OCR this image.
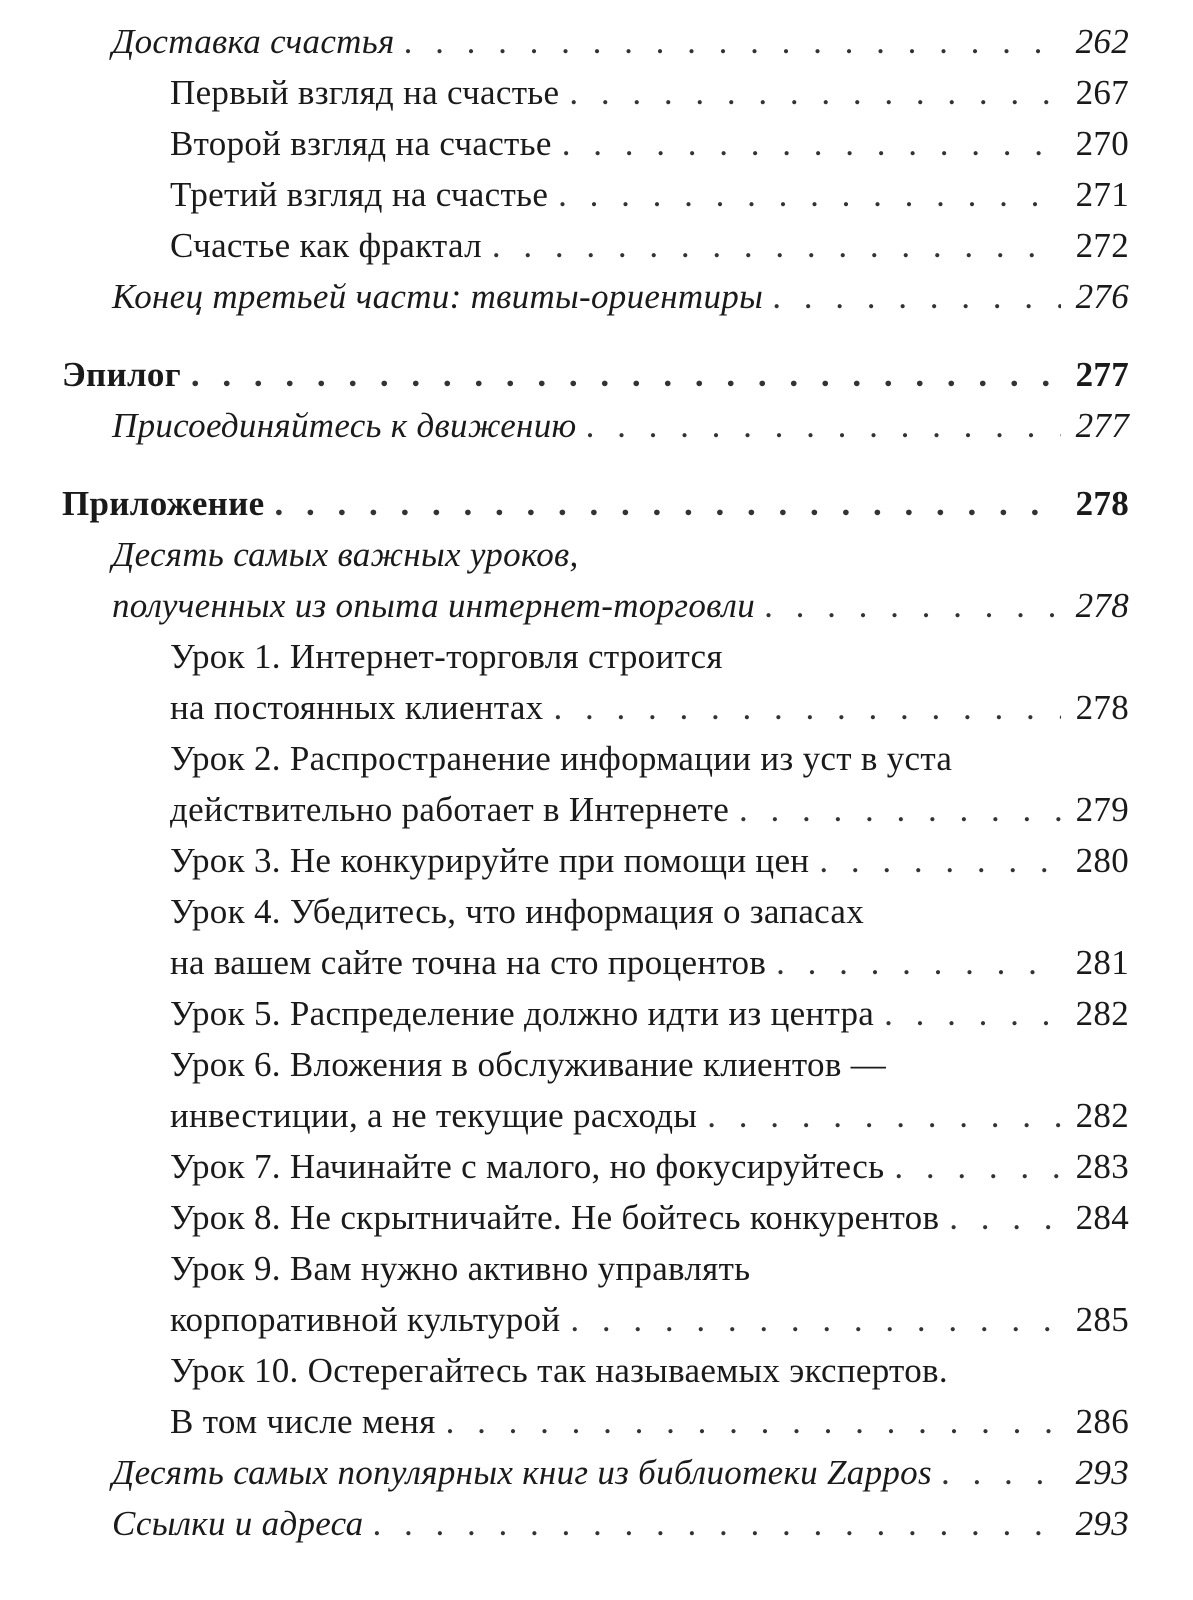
Доставка счастья . . .	262
Первый взгляд на счастье . . .	267
Второй взгляд на счастье . . .	270
Третий взгляд на счастье . . .	271
Счастье как фрактал . . .	272
Конец третьей части: твиты-ориентиры . . .	276
Эпилог . . .	277
Присоединяйтесь к движению . . .	277
Приложение . . .	278
Десять самых важных уроков,
полученных из опыта интернет-торговли . . .	278
Урок 1. Интернет-торговля строится
на постоянных клиентах . . .	278
Урок 2. Распространение информации из уст в уста
действительно работает в Интернете . . .	279
Урок 3. Не конкурируйте при помощи цен . . .	280
Урок 4. Убедитесь, что информация о запасах
на вашем сайте точна на сто процентов . . .	281
Урок 5. Распределение должно идти из центра . . .	282
Урок 6. Вложения в обслуживание клиентов —
инвестиции, а не текущие расходы . . .	282
Урок 7. Начинайте с малого, но фокусируйтесь . . .	283
Урок 8. Не скрытничайте. Не бойтесь конкурентов . . .	284
Урок 9. Вам нужно активно управлять
корпоративной культурой . . .	285
Урок 10. Остерегайтесь так называемых экспертов.
В том числе меня . . .	286
Десять самых популярных книг из библиотеки Zappos . . .	293
Ссылки и адреса . . .	293
